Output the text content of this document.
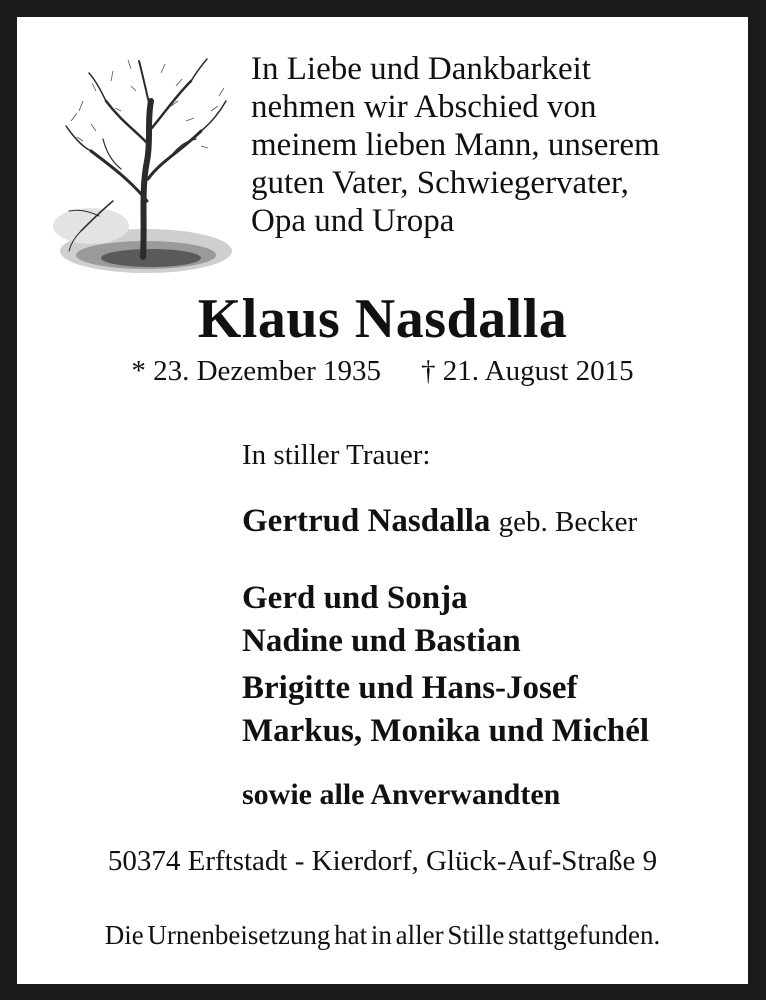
In Liebe und Dankbarkeit
nehmen wir Abschied von
meinem lieben Mann, unserem
guten Vater, Schwiegervater,
Opa und Uropa
Klaus Nasdalla
* 23. Dezember 1935 † 21. August 2015
In stiller Trauer:
Gertrud Nasdalla geb. Becker
Gerd und Sonja
Nadine und Bastian
Brigitte und Hans-Josef
Markus, Monika und Michél
sowie alle Anverwandten
50374 Erftstadt - Kierdorf, Glück-Auf-Straße 9
Die Urnenbeisetzung hat in aller Stille stattgefunden.
